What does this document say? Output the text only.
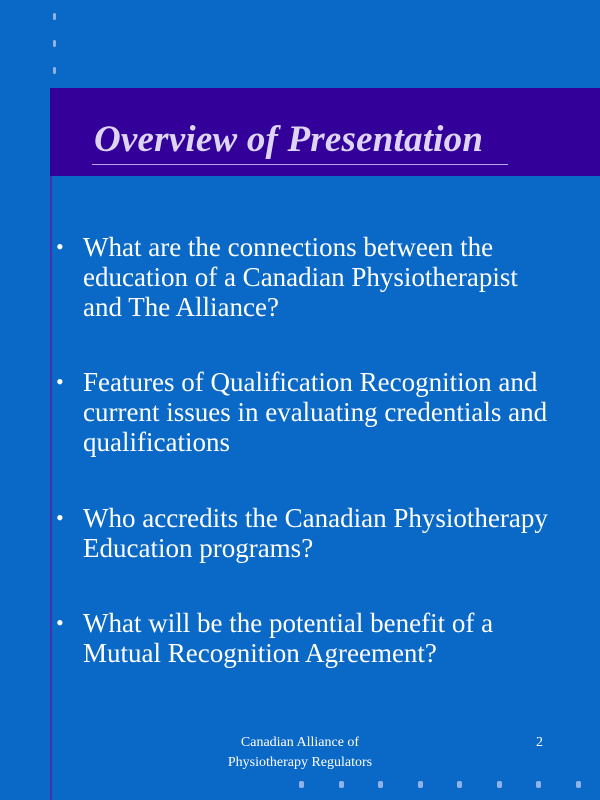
Overview of Presentation
• What are the connections between the education of a Canadian Physiotherapist and The Alliance?
• Features of Qualification Recognition and current issues in evaluating credentials and qualifications
• Who accredits the Canadian Physiotherapy Education programs?
• What will be the potential benefit of a Mutual Recognition Agreement?
Canadian Alliance of
Physiotherapy Regulators
2
